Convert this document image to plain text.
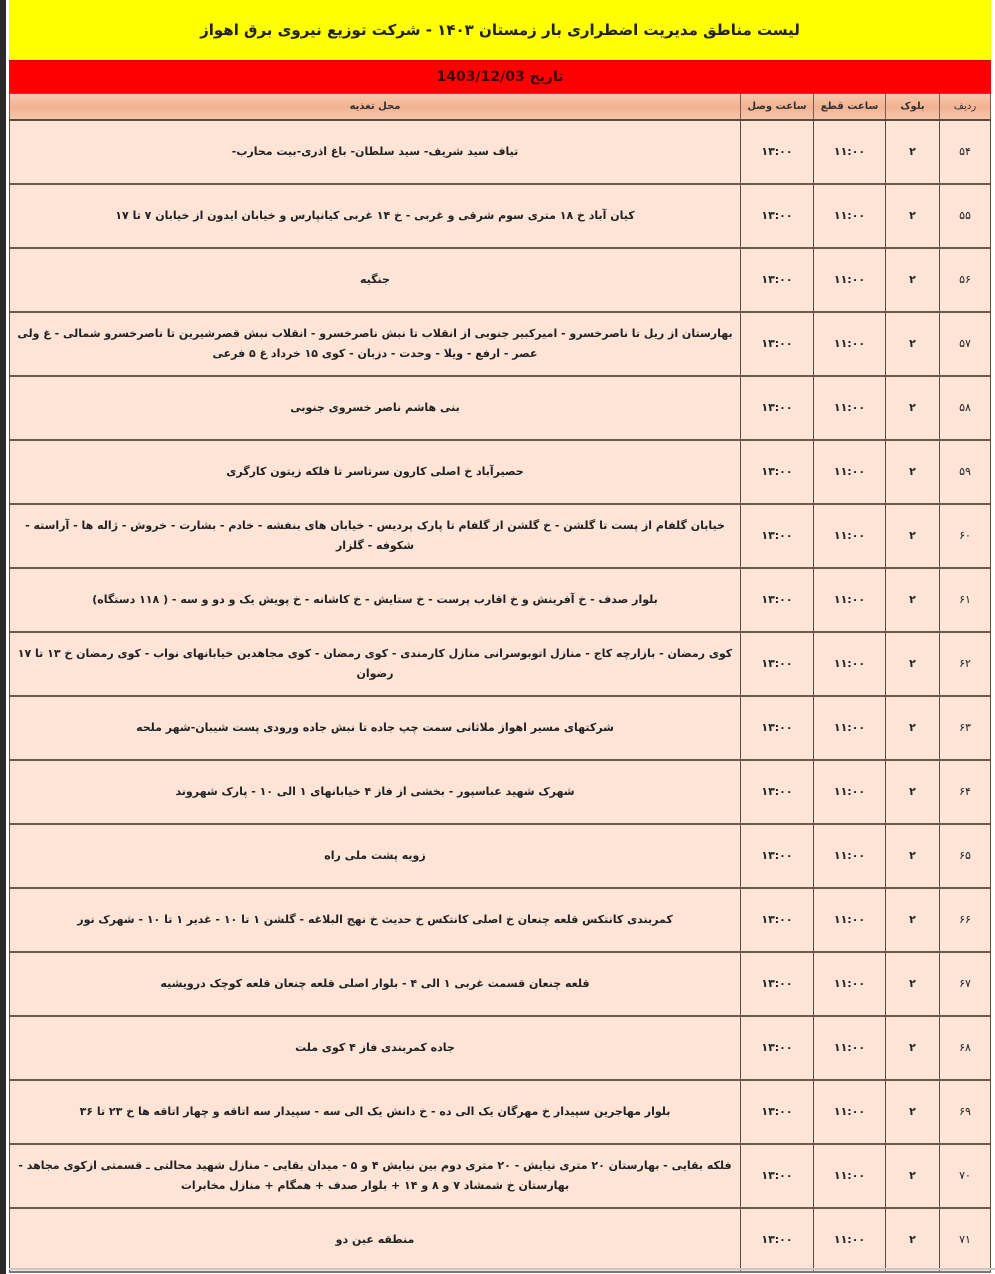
لیست مناطق مدیریت اضطراری بار زمستان ۱۴۰۳ - شرکت توزیع نیروی برق اهواز
تاریخ 1403/12/03
ردیف	بلوک	ساعت قطع	ساعت وصل	محل تغذیه
۵۴	۲	۱۱:۰۰	۱۳:۰۰	تیاف سید شریف- سید سلطان- باغ اذری-بیت محارب-
۵۵	۲	۱۱:۰۰	۱۳:۰۰	کیان آباد خ ۱۸ متری سوم شرقی و غربی - خ ۱۴ غربی کیانپارس و خیابان ایدون از خیابان ۷ تا ۱۷
۵۶	۲	۱۱:۰۰	۱۳:۰۰	جنگیه
۵۷	۲	۱۱:۰۰	۱۳:۰۰	بهارستان از ریل تا ناصرخسرو - امیرکبیر جنوبی از انقلاب تا نبش ناصرخسرو - انقلاب نبش قصرشیرین تا ناصرخسرو شمالی - غ ولی عصر - ارفع - ویلا - وحدت - دزبان - کوی ۱۵ خرداد غ ۵ فرعی
۵۸	۲	۱۱:۰۰	۱۳:۰۰	بنی هاشم ناصر خسروی جنوبی
۵۹	۲	۱۱:۰۰	۱۳:۰۰	حصیرآباد خ اصلی کارون سرتاسر تا فلکه زیتون کارگری
۶۰	۲	۱۱:۰۰	۱۳:۰۰	خیابان گلفام از پست تا گلشن - خ گلشن از گلفام تا پارک پردیس - خیابان های بنفشه - خادم - بشارت - خروش - ژاله ها - آراسته - شکوفه - گلزار
۶۱	۲	۱۱:۰۰	۱۳:۰۰	بلوار صدف - خ آفرینش و خ اقارب پرست - خ ستایش - خ کاشانه - خ پویش یک و دو و سه - ( ۱۱۸ دستگاه)
۶۲	۲	۱۱:۰۰	۱۳:۰۰	کوی رمضان - بازارچه کاج - منازل اتوبوسرانی منازل کارمندی - کوی رمضان - کوی مجاهدین خیابانهای نواب - کوی رمضان خ ۱۳ تا ۱۷ رضوان
۶۳	۲	۱۱:۰۰	۱۳:۰۰	شرکتهای مسیر اهواز ملاثانی سمت چپ جاده تا نبش جاده ورودی پست شیبان-شهر ملحه
۶۴	۲	۱۱:۰۰	۱۳:۰۰	شهرک شهید عباسپور - بخشی از فاز ۴ خیابانهای ۱ الی ۱۰ - پارک شهروند
۶۵	۲	۱۱:۰۰	۱۳:۰۰	زویه پشت ملی راه
۶۶	۲	۱۱:۰۰	۱۳:۰۰	کمربندی کانتکس قلعه چنعان خ اصلی کانتکس خ حدیث خ نهج البلاغه - گلشن ۱ تا ۱۰ - غدیر ۱ تا ۱۰ - شهرک نور
۶۷	۲	۱۱:۰۰	۱۳:۰۰	قلعه چنعان قسمت غربی ۱ الی ۴ - بلوار اصلی قلعه چنعان قلعه کوچک درویشیه
۶۸	۲	۱۱:۰۰	۱۳:۰۰	جاده کمربندی فاز ۴ کوی ملت
۶۹	۲	۱۱:۰۰	۱۳:۰۰	بلوار مهاجرین سپیدار خ مهرگان یک الی ده - خ دانش یک الی سه - سپیدار سه اتاقه و چهار اتاقه ها خ ۲۳ تا ۳۶
۷۰	۲	۱۱:۰۰	۱۳:۰۰	فلکه بقایی - بهارستان ۲۰ متری نیایش - ۲۰ متری دوم بین نیایش ۴ و ۵ - میدان بقایی - منازل شهید محالتی ـ قسمتی ازکوی مجاهد - بهارستان خ شمشاد ۷ و ۸ و ۱۴ + بلوار صدف + همگام + منازل مخابرات
۷۱	۲	۱۱:۰۰	۱۳:۰۰	منطقه عین دو
